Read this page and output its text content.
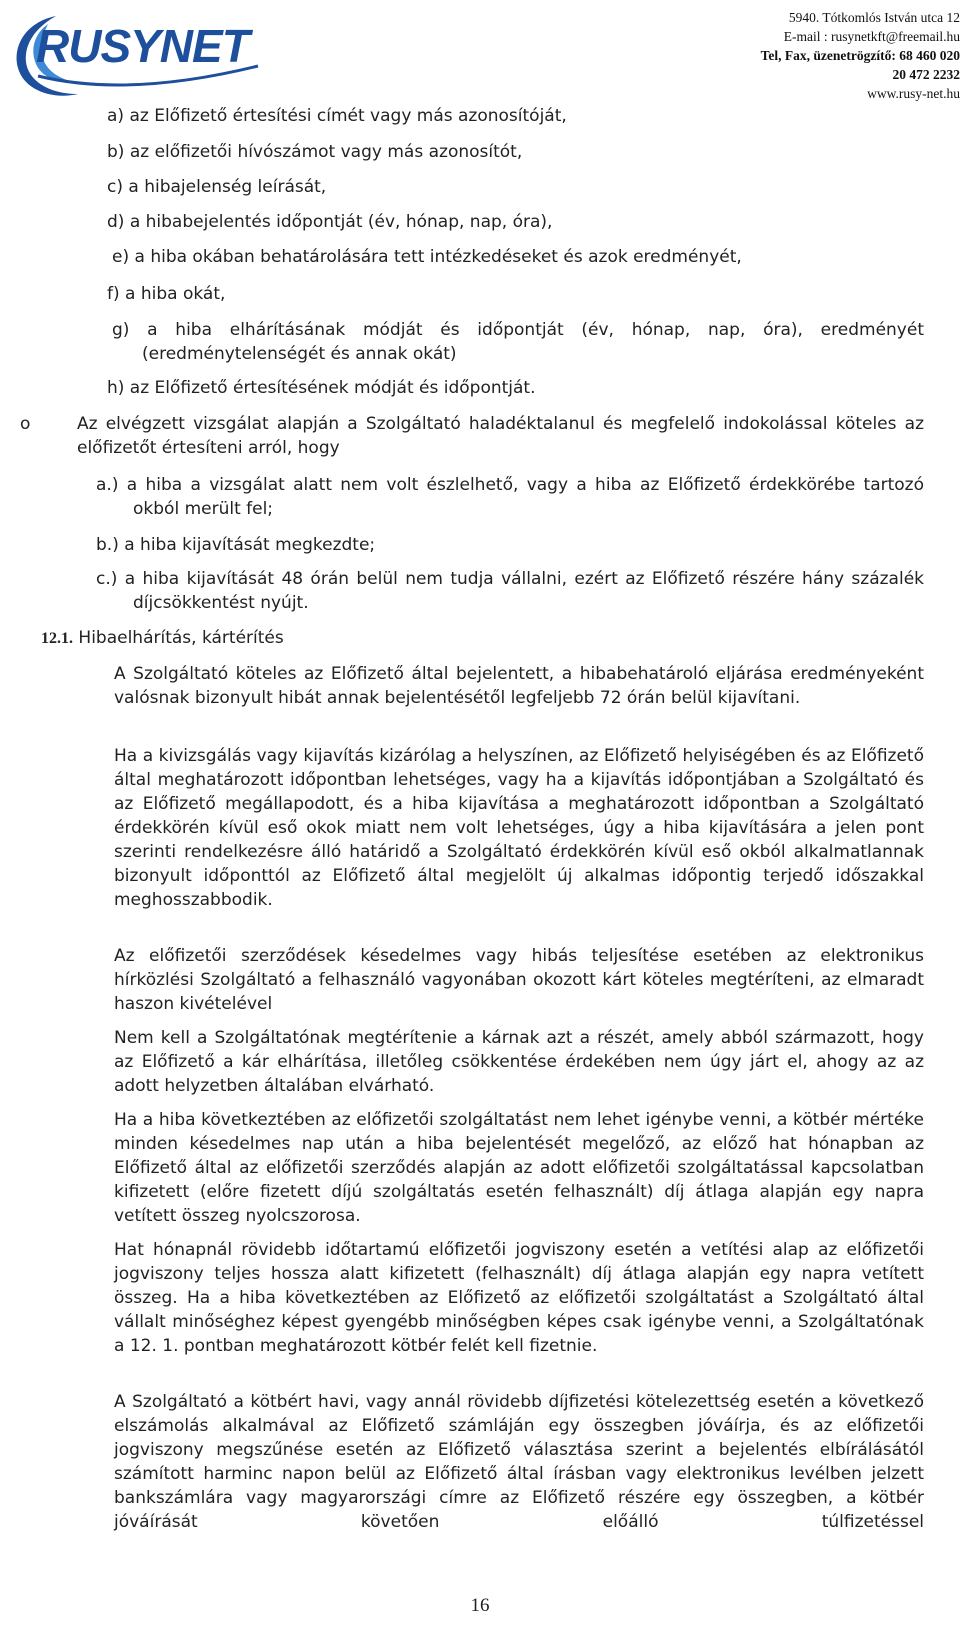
RUSYNET
5940. Tótkomlós István utca 12
E-mail : rusynetkft@freemail.hu
Tel, Fax, üzenetrögzítő: 68 460 020
20 472 2232
www.rusy-net.hu
a) az Előfizető értesítési címét vagy más azonosítóját,
b) az előfizetői hívószámot vagy más azonosítót,
c) a hibajelenség leírását,
d) a hibabejelentés időpontját (év, hónap, nap, óra),
e) a hiba okában behatárolására tett intézkedéseket és azok eredményét,
f) a hiba okát,
g) a hiba elhárításának módját és időpontját (év, hónap, nap, óra), eredményét (eredménytelenségét és annak okát)
h) az Előfizető értesítésének módját és időpontját.
o	Az elvégzett vizsgálat alapján a Szolgáltató haladéktalanul és megfelelő indokolással köteles az előfizetőt értesíteni arról, hogy
a.) a hiba a vizsgálat alatt nem volt észlelhető, vagy a hiba az Előfizető érdekkörébe tartozó okból merült fel;
b.) a hiba kijavítását megkezdte;
c.) a hiba kijavítását 48 órán belül nem tudja vállalni, ezért az Előfizető részére hány százalék díjcsökkentést nyújt.
12.1. Hibaelhárítás, kártérítés
A Szolgáltató köteles az Előfizető által bejelentett, a hibabehatároló eljárása eredményeként valósnak bizonyult hibát annak bejelentésétől legfeljebb 72 órán belül kijavítani.
Ha a kivizsgálás vagy kijavítás kizárólag a helyszínen, az Előfizető helyiségében és az Előfizető által meghatározott időpontban lehetséges, vagy ha a kijavítás időpontjában a Szolgáltató és az Előfizető megállapodott, és a hiba kijavítása a meghatározott időpontban a Szolgáltató érdekkörén kívül eső okok miatt nem volt lehetséges, úgy a hiba kijavítására a jelen pont szerinti rendelkezésre álló határidő a Szolgáltató érdekkörén kívül eső okból alkalmatlannak bizonyult időponttól az Előfizető által megjelölt új alkalmas időpontig terjedő időszakkal meghosszabbodik.
Az előfizetői szerződések késedelmes vagy hibás teljesítése esetében az elektronikus hírközlési Szolgáltató a felhasználó vagyonában okozott kárt köteles megtéríteni, az elmaradt haszon kivételével
Nem kell a Szolgáltatónak megtérítenie a kárnak azt a részét, amely abból származott, hogy az Előfizető a kár elhárítása, illetőleg csökkentése érdekében nem úgy járt el, ahogy az az adott helyzetben általában elvárható.
Ha a hiba következtében az előfizetői szolgáltatást nem lehet igénybe venni, a kötbér mértéke minden késedelmes nap után a hiba bejelentését megelőző, az előző hat hónapban az Előfizető által az előfizetői szerződés alapján az adott előfizetői szolgáltatással kapcsolatban kifizetett (előre fizetett díjú szolgáltatás esetén felhasznált) díj átlaga alapján egy napra vetített összeg nyolcszorosa.
Hat hónapnál rövidebb időtartamú előfizetői jogviszony esetén a vetítési alap az előfizetői jogviszony teljes hossza alatt kifizetett (felhasznált) díj átlaga alapján egy napra vetített összeg. Ha a hiba következtében az Előfizető az előfizetői szolgáltatást a Szolgáltató által vállalt minőséghez képest gyengébb minőségben képes csak igénybe venni, a Szolgáltatónak a 12. 1. pontban meghatározott kötbér felét kell fizetnie.
A Szolgáltató a kötbért havi, vagy annál rövidebb díjfizetési kötelezettség esetén a következő elszámolás alkalmával az Előfizető számláján egy összegben jóváírja, és az előfizetői jogviszony megszűnése esetén az Előfizető választása szerint a bejelentés elbírálásától számított harminc napon belül az Előfizető által írásban vagy elektronikus levélben jelzett bankszámlára vagy magyarországi címre az Előfizető részére egy összegben, a kötbér jóváírását követően előálló túlfizetéssel
16
